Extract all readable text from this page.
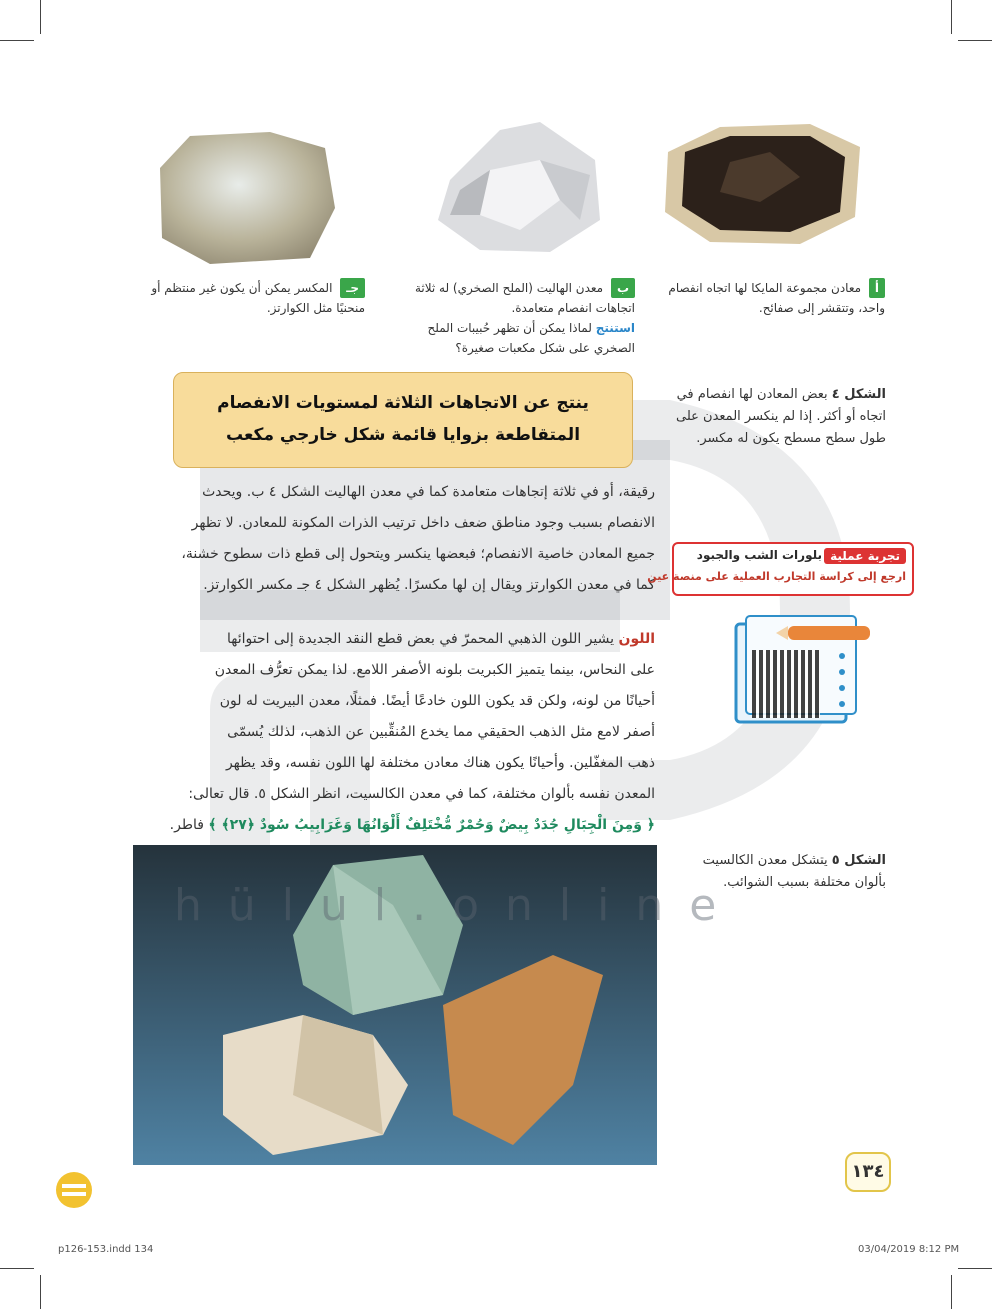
أ معادن مجموعة المايكا لها اتجاه انفصام واحد، وتتقشر إلى صفائح.
ب معدن الهاليت (الملح الصخري) له ثلاثة اتجاهات انفصام متعامدة.
استنتج لماذا يمكن أن تظهر حُبيبات الملح الصخري على شكل مكعبات صغيرة؟
جـ المكسر يمكن أن يكون غير منتظم أو منحنيًا مثل الكوارتز.
رقيقة، أو في ثلاثة إتجاهات متعامدة كما في معدن الهاليت الشكل ٤ ب. ويحدث
الانفصام بسبب وجود مناطق ضعف داخل ترتيب الذرات المكونة للمعادن. لا تظهر
جميع المعادن خاصية الانفصام؛ فبعضها ينكسر ويتحول إلى قطع ذات سطوح خشنة،
كما في معدن الكوارتز ويقال إن لها مكسرًا. يُظهر الشكل ٤ جـ مكسر الكوارتز.
اللون يشير اللون الذهبي المحمرّ في بعض قطع النقد الجديدة إلى احتوائها
على النحاس، بينما يتميز الكبريت بلونه الأصفر اللامع. لذا يمكن تعرُّف المعدن
أحيانًا من لونه، ولكن قد يكون اللون خادعًا أيضًا. فمثلًا، معدن البيريت له لون
أصفر لامع مثل الذهب الحقيقي مما يخدع المُنقِّبين عن الذهب، لذلك يُسمّى
ذهب المغفّلين. وأحيانًا يكون هناك معادن مختلفة لها اللون نفسه، وقد يظهر
المعدن نفسه بألوان مختلفة، كما في معدن الكالسيت، انظر الشكل ٥. قال تعالى:
﴿ وَمِنَ الْجِبَالِ جُدَدٌ بِيضٌ وَحُمْرٌ مُّخْتَلِفٌ أَلْوَانُهَا وَغَرَابِيبُ سُودٌ ﴿٢٧﴾ ﴾ فاطر.
ينتج عن الاتجاهات الثلاثة لمستويات الانفصام
المتقاطعة بزوايا قائمة شكل خارجي مكعب
الشكل ٤ بعض المعادن لها انفصام في اتجاه أو أكثر. إذا لم ينكسر المعدن على طول سطح مسطح يكون له مكسر.
تجربة عملية
بلورات الشب والجبود
ارجع إلى كراسة التجارب العملية على منصة عين
الشكل ٥ يتشكل معدن الكالسيت بألوان مختلفة بسبب الشوائب.
hülul.online
١٣٤
p126-153.indd 134	03/04/2019 8:12 PM
